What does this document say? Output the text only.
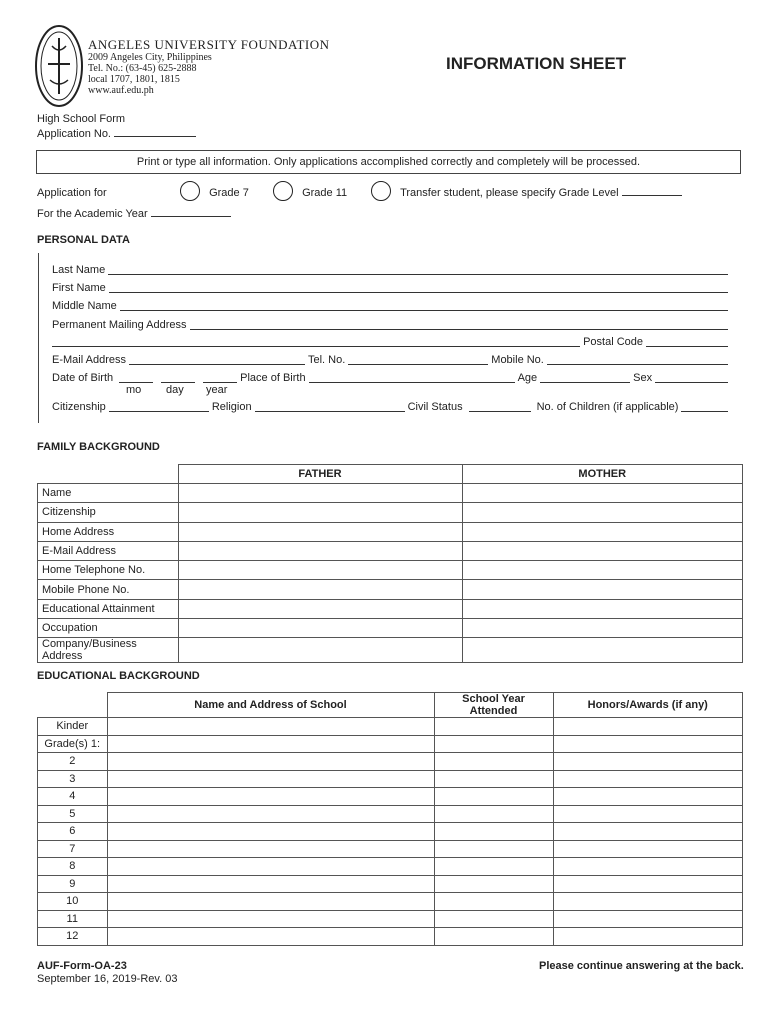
ANGELES UNIVERSITY FOUNDATION
2009 Angeles City, Philippines
Tel. No.: (63-45) 625-2888
local 1707, 1801, 1815
www.auf.edu.ph
INFORMATION SHEET
High School Form
Application No.
Print or type all information. Only applications accomplished correctly and completely will be processed.
Application for
For the Academic Year
Grade 7	Grade 11	Transfer student, please specify Grade Level
PERSONAL DATA
Last Name
First Name
Middle Name
Permanent Mailing Address
Postal Code
E-Mail Address	Tel. No.	Mobile No.
Date of Birth	Place of Birth	Age	Sex
mo day year
Citizenship	Religion	Civil Status	No. of Children (if applicable)
FAMILY BACKGROUND
	FATHER	MOTHER
Name		
Citizenship		
Home Address		
E-Mail Address		
Home Telephone No.		
Mobile Phone No.		
Educational Attainment		
Occupation		
Company/Business Address		
EDUCATIONAL BACKGROUND
	Name and Address of School	School Year Attended	Honors/Awards (if any)
Kinder			
Grade(s) 1:			
2			
3			
4			
5			
6			
7			
8			
9			
10			
11			
12			
AUF-Form-OA-23
September 16, 2019-Rev. 03
Please continue answering at the back.
